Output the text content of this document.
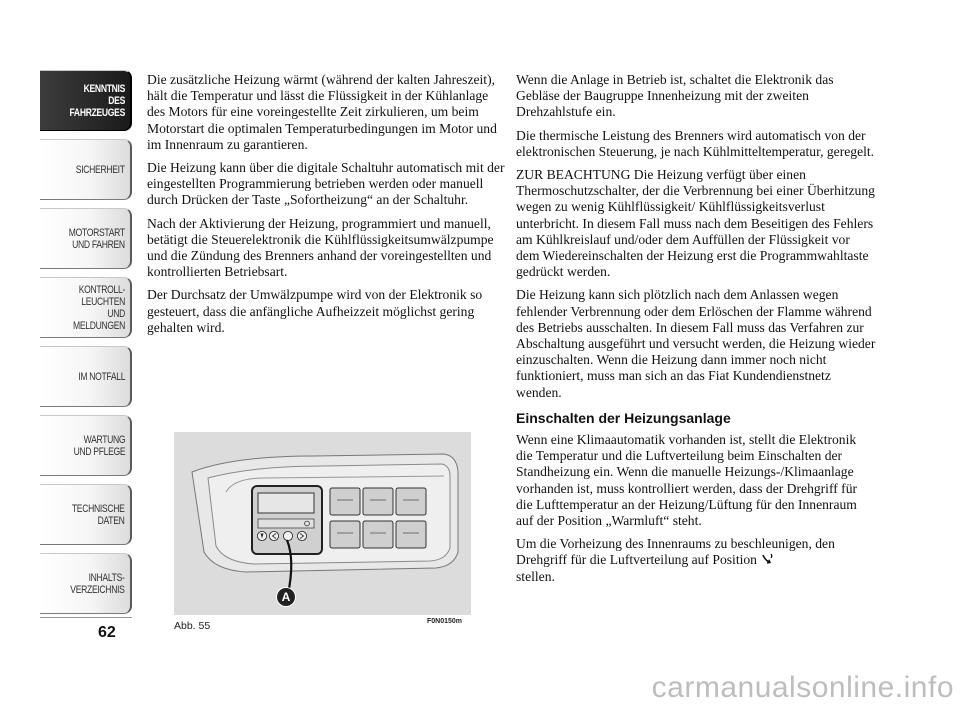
KENNTNIS
DES FAHRZEUGES
SICHERHEIT
MOTORSTART
UND FAHREN
KONTROLL-
LEUCHTEN
UND MELDUNGEN
IM NOTFALL
WARTUNG
UND PFLEGE
TECHNISCHE
DATEN
INHALTS-
VERZEICHNIS
62

Die zusätzliche Heizung wärmt (während der kalten Jahreszeit), hält die Temperatur und lässt die Flüssigkeit in der Kühlanlage des Motors für eine voreingestellte Zeit zirkulieren, um beim Motorstart die optimalen Temperaturbedingungen im Motor und im Innenraum zu garantieren.

Die Heizung kann über die digitale Schaltuhr automatisch mit der eingestellten Programmierung betrieben werden oder manuell durch Drücken der Taste „Sofortheizung“ an der Schaltuhr.

Nach der Aktivierung der Heizung, programmiert und manuell, betätigt die Steuerelektronik die Kühlflüssigkeitsumwälzpumpe und die Zündung des Brenners anhand der voreingestellten und kontrollierten Betriebsart.

Der Durchsatz der Umwälzpumpe wird von der Elektronik so gesteuert, dass die anfängliche Aufheizzeit möglichst gering gehalten wird.

Wenn die Anlage in Betrieb ist, schaltet die Elektronik das Gebläse der Baugruppe Innenheizung mit der zweiten Drehzahlstufe ein.

Die thermische Leistung des Brenners wird automatisch von der elektronischen Steuerung, je nach Kühlmitteltemperatur, geregelt.

ZUR BEACHTUNG Die Heizung verfügt über einen Thermoschutzschalter, der die Verbrennung bei einer Überhitzung wegen zu wenig Kühlflüssigkeit/ Kühlflüssigkeitsverlust unterbricht. In diesem Fall muss nach dem Beseitigen des Fehlers am Kühlkreislauf und/oder dem Auffüllen der Flüssigkeit vor dem Wiedereinschalten der Heizung erst die Programmwahltaste gedrückt werden.

Die Heizung kann sich plötzlich nach dem Anlassen wegen fehlender Verbrennung oder dem Erlöschen der Flamme während des Betriebs ausschalten. In diesem Fall muss das Verfahren zur Abschaltung ausgeführt und versucht werden, die Heizung wieder einzuschalten. Wenn die Heizung dann immer noch nicht funktioniert, muss man sich an das Fiat Kundendienstnetz wenden.

Einschalten der Heizungsanlage

Wenn eine Klimaautomatik vorhanden ist, stellt die Elektronik die Temperatur und die Luftverteilung beim Einschalten der Standheizung ein. Wenn die manuelle Heizungs-/Klimaanlage vorhanden ist, muss kontrolliert werden, dass der Drehgriff für die Lufttemperatur an der Heizung/Lüftung für den Innenraum auf der Position „Warmluft“ steht.

Um die Vorheizung des Innenraums zu beschleunigen, den Drehgriff für die Luftverteilung auf Position
stellen.

A
Abb. 55	F0N0150m
carmanualsonline.info
